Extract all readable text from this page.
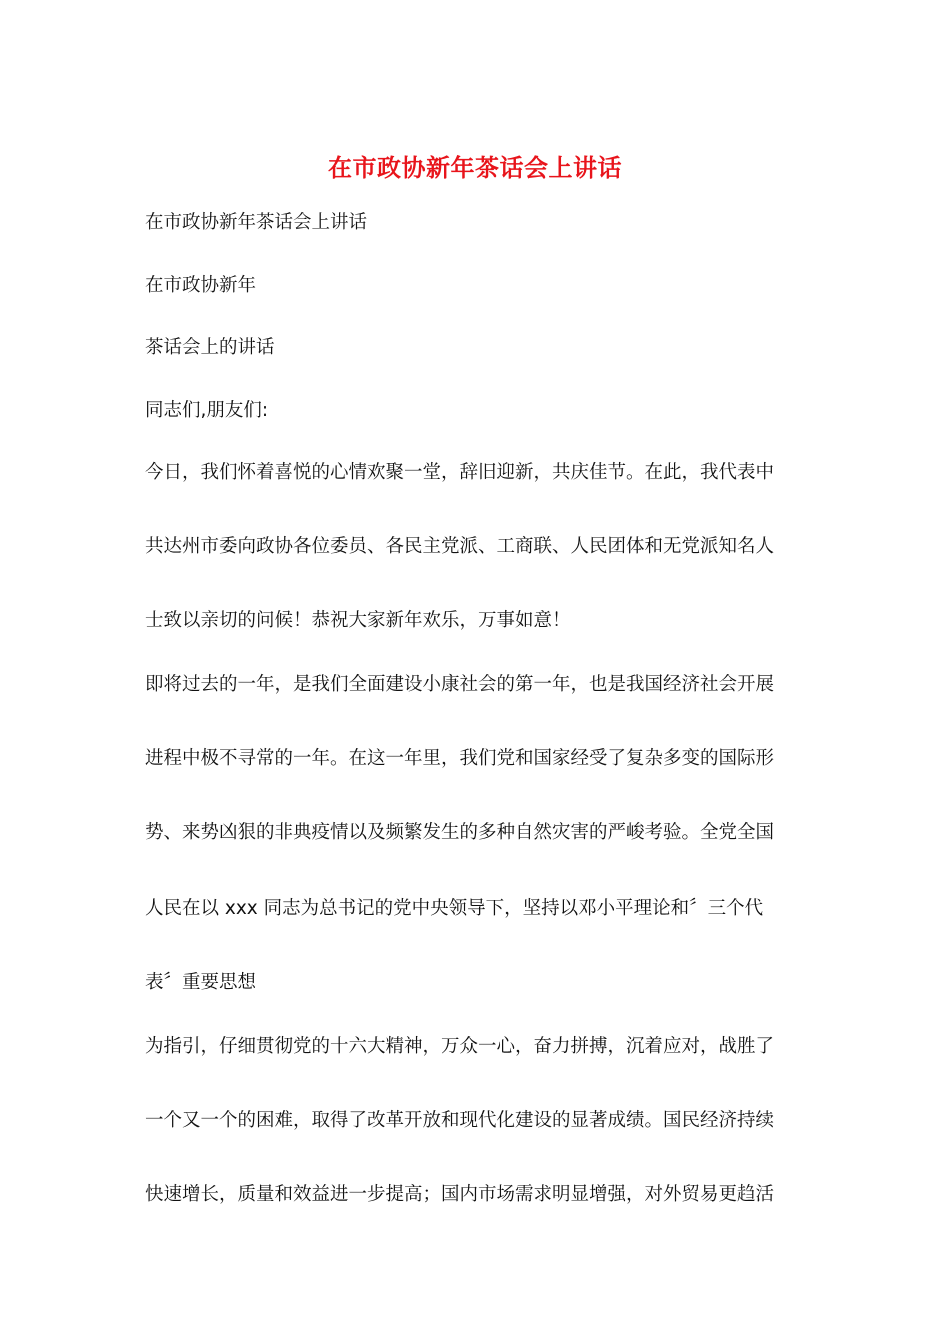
在市政协新年茶话会上讲话
在市政协新年茶话会上讲话
在市政协新年
茶话会上的讲话
同志们,朋友们:
今日，我们怀着喜悦的心情欢聚一堂，辞旧迎新，共庆佳节。在此，我代表中
共达州市委向政协各位委员、各民主党派、工商联、人民团体和无党派知名人
士致以亲切的问候！恭祝大家新年欢乐，万事如意！
即将过去的一年，是我们全面建设小康社会的第一年，也是我国经济社会开展
进程中极不寻常的一年。在这一年里，我们党和国家经受了复杂多变的国际形
势、来势凶狠的非典疫情以及频繁发生的多种自然灾害的严峻考验。全党全国
人民在以 xxx 同志为总书记的党中央领导下，坚持以邓小平理论和〞三个代
表〞重要思想
为指引，仔细贯彻党的十六大精神，万众一心，奋力拼搏，沉着应对，战胜了
一个又一个的困难，取得了改革开放和现代化建设的显著成绩。国民经济持续
快速增长，质量和效益进一步提高；国内市场需求明显增强，对外贸易更趋活
